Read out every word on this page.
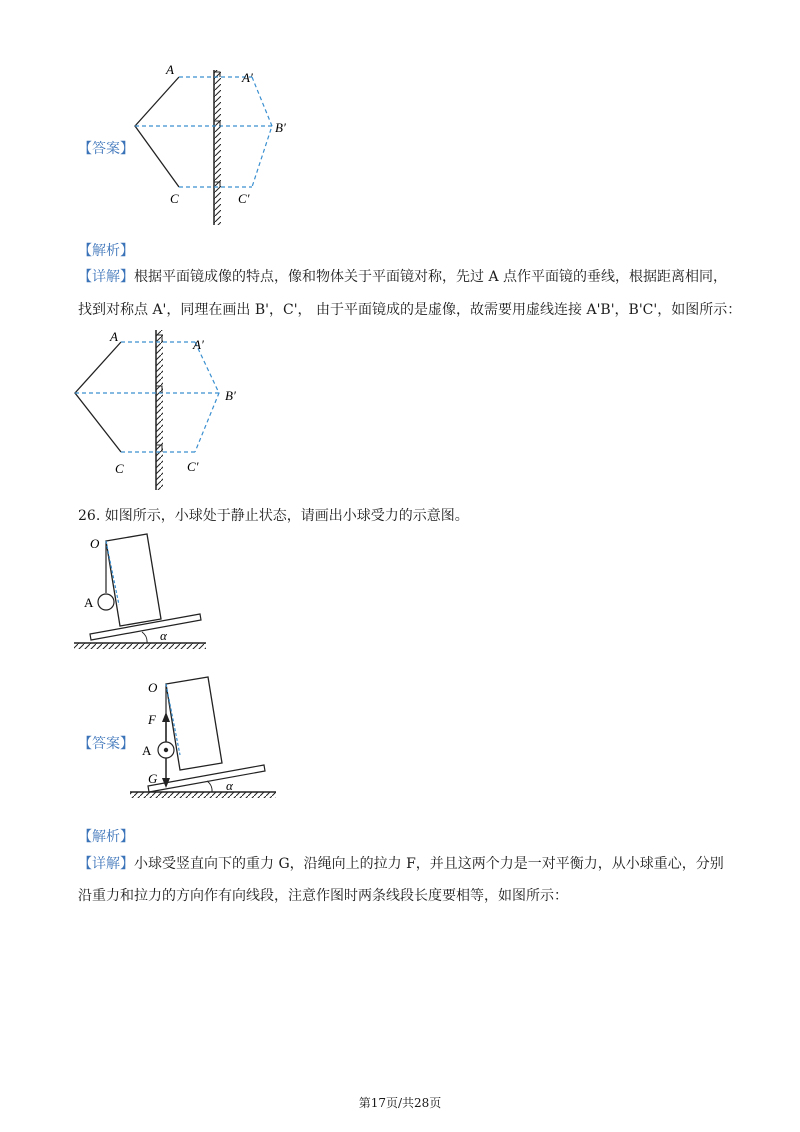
【答案】
A
A′
B′
C	C′
【解析】
【详解】根据平面镜成像的特点，像和物体关于平面镜对称，先过 A 点作平面镜的垂线，根据距离相同，
找到对称点 A'，同理在画出 B'，C'， 由于平面镜成的是虚像，故需要用虚线连接 A'B'，B'C'，如图所示：
A
A′
B′
C	C′
26. 如图所示，小球处于静止状态，请画出小球受力的示意图。
O
A
α
【答案】
O
F
A
G	α
【解析】
【详解】小球受竖直向下的重力 G，沿绳向上的拉力 F，并且这两个力是一对平衡力，从小球重心，分别
沿重力和拉力的方向作有向线段，注意作图时两条线段长度要相等，如图所示：
第17页/共28页
